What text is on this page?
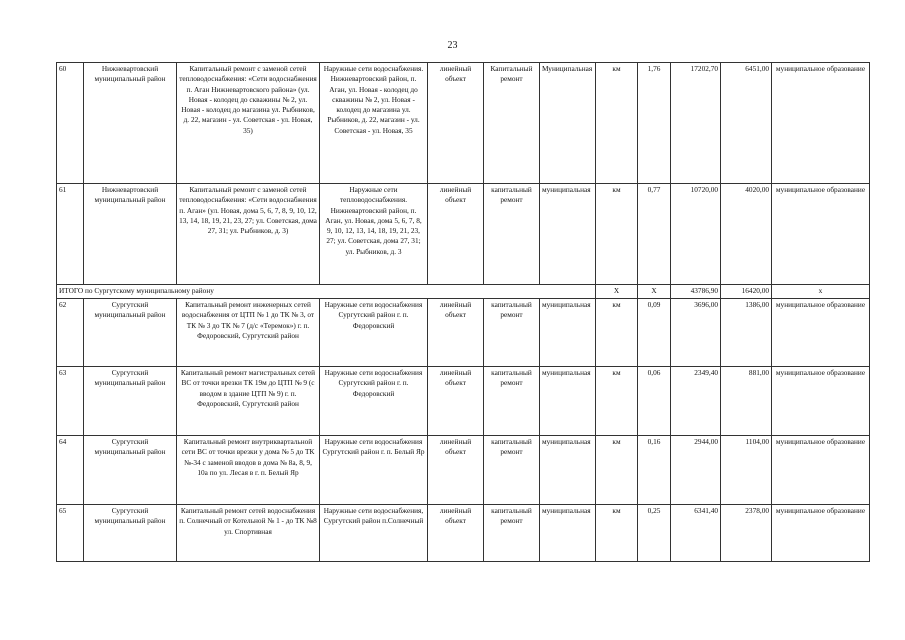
23
60	Нижневартовский муниципальный район	Капитальный ремонт с заменой сетей тепловодоснабжения: «Сети водоснабжения п. Аган Нижневартовского района» (ул. Новая - колодец до скважины № 2, ул. Новая - колодец до магазина ул. Рыбников, д. 22, магазин - ул. Советская - ул. Новая, 35)	Наружные сети водоснабжения. Нижневартовский район, п. Аган, ул. Новая - колодец до скважины № 2, ул. Новая - колодец до магазина ул. Рыбников, д. 22, магазин - ул. Советская - ул. Новая, 35	линейный объект	Капитальный ремонт	Муниципальная	км	1,76	17202,70	6451,00	муниципальное образование
61	Нижневартовский муниципальный район	Капитальный ремонт с заменой сетей тепловодоснабжения: «Сети водоснабжения п. Аган» (ул. Новая, дома 5, 6, 7, 8, 9, 10, 12, 13, 14, 18, 19, 21, 23, 27; ул. Советская, дома 27, 31; ул. Рыбников, д. 3)	Наружные сети тепловодоснабжения. Нижневартовский район, п. Аган, ул. Новая, дома 5, 6, 7, 8, 9, 10, 12, 13, 14, 18, 19, 21, 23, 27; ул. Советская, дома 27, 31; ул. Рыбников, д. 3	линейный объект	капитальный ремонт	муниципальная	км	0,77	10720,00	4020,00	муниципальное образование
ИТОГО по Сургутскому муниципальному району							X	X	43786,90	16420,00	x
62	Сургутский муниципальный район	Капитальный ремонт инженерных сетей водоснабжения от ЦТП № 1 до ТК № 3, от ТК № 3 до ТК № 7 (д/с «Теремок») г. п. Федоровский, Сургутский район	Наружные сети водоснабжения Сургутский район г. п. Федоровский	линейный объект	капитальный ремонт	муниципальная	км	0,09	3696,00	1386,00	муниципальное образование
63	Сургутский муниципальный район	Капитальный ремонт магистральных сетей ВС от точки врезки ТК 19м до ЦТП № 9 (с вводом в здание ЦТП № 9) г. п. Федоровский, Сургутский район	Наружные сети водоснабжения Сургутский район г. п. Федоровский	линейный объект	капитальный ремонт	муниципальная	км	0,06	2349,40	881,00	муниципальное образование
64	Сургутский муниципальный район	Капитальный ремонт внутриквартальной сети ВС от точки врезки у дома № 5 до ТК №-34 с заменой вводов в дома № 8а, 8, 9, 10а по ул. Лесая в г. п. Белый Яр	Наружные сети водоснабжения Сургутский район г. п. Белый Яр	линейный объект	капитальный ремонт	муниципальная	км	0,16	2944,00	1104,00	муниципальное образование
65	Сургутский муниципальный район	Капитальный ремонт сетей водоснабжения п. Солнечный от Котельной № 1 - до ТК №8 ул. Спортивная	Наружные сети водоснабжения, Сургутский район п.Солнечный	линейный объект	капитальный ремонт	муниципальная	км	0,25	6341,40	2378,00	муниципальное образование
